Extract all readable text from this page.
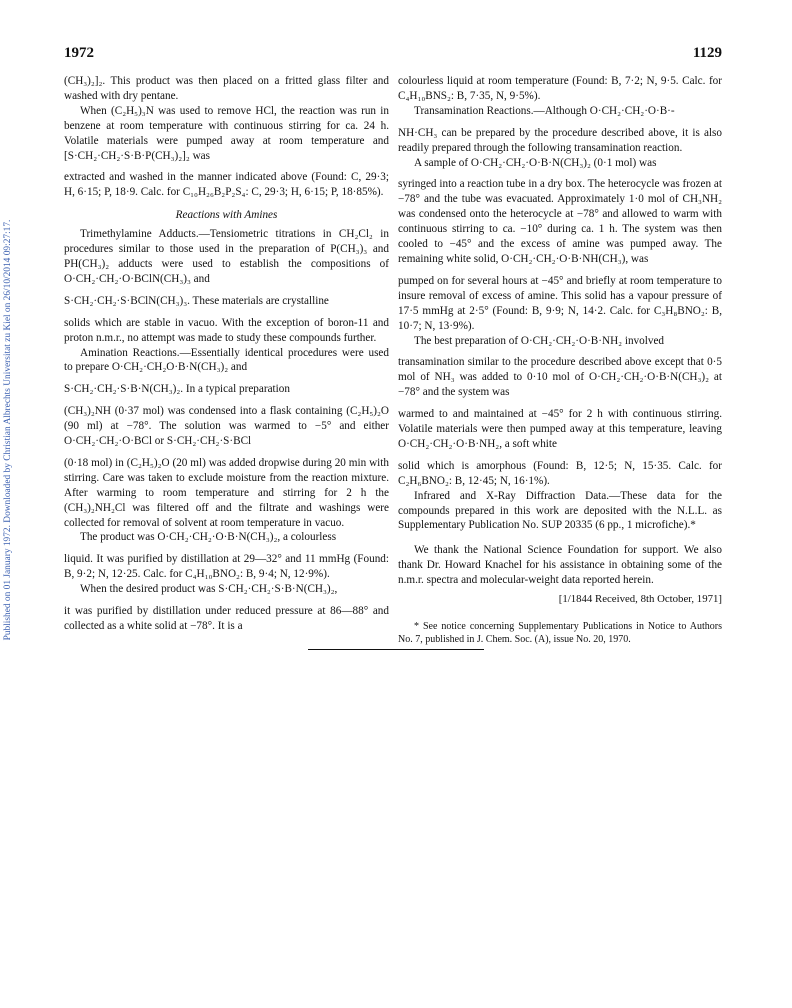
Published on 01 January 1972. Downloaded by Christian Albrechts Universitat zu Kiel on 26/10/2014 09:27:17.
1972	1129

(CH₃)₂]₂. This product was then placed on a fritted glass filter and washed with dry pentane.

When (C₂H₅)₃N was used to remove HCl, the reaction was run in benzene at room temperature with continuous stirring for ca. 24 h. Volatile materials were pumped away at room temperature and [S·CH₂·CH₂·S·B·P(CH₃)₂]₂ was

extracted and washed in the manner indicated above (Found: C, 29·3; H, 6·15; P, 18·9. Calc. for C₁₀H₂₆B₂P₂S₄: C, 29·3; H, 6·15; P, 18·85%).

Reactions with Amines

Trimethylamine Adducts.—Tensiometric titrations in CH₂Cl₂ in procedures similar to those used in the preparation of P(CH₃)₃ and PH(CH₃)₂ adducts were used to establish the compositions of O·CH₂·CH₂·O·BClN(CH₃)₃ and

S·CH₂·CH₂·S·BClN(CH₃)₃. These materials are crystalline

solids which are stable in vacuo. With the exception of boron-11 and proton n.m.r., no attempt was made to study these compounds further.

Amination Reactions.—Essentially identical procedures were used to prepare O·CH₂·CH₂O·B·N(CH₃)₂ and

S·CH₂·CH₂·S·B·N(CH₃)₂. In a typical preparation

(CH₃)₂NH (0·37 mol) was condensed into a flask containing (C₂H₅)₂O (90 ml) at −78°. The solution was warmed to −5° and either O·CH₂·CH₂·O·BCl or S·CH₂·CH₂·S·BCl

(0·18 mol) in (C₂H₅)₂O (20 ml) was added dropwise during 20 min with stirring. Care was taken to exclude moisture from the reaction mixture. After warming to room temperature and stirring for 2 h the (CH₃)₂NH₂Cl was filtered off and the filtrate and washings were collected for removal of solvent at room temperature in vacuo.

The product was O·CH₂·CH₂·O·B·N(CH₃)₂, a colourless

liquid. It was purified by distillation at 29—32° and 11 mmHg (Found: B, 9·2; N, 12·25. Calc. for C₄H₁₀BNO₂: B, 9·4; N, 12·9%).

When the desired product was S·CH₂·CH₂·S·B·N(CH₃)₂,

it was purified by distillation under reduced pressure at 86—88° and collected as a white solid at −78°. It is a

colourless liquid at room temperature (Found: B, 7·2; N, 9·5. Calc. for C₄H₁₀BNS₂: B, 7·35, N, 9·5%).

Transamination Reactions.—Although O·CH₂·CH₂·O·B·-

NH·CH₃ can be prepared by the procedure described above, it is also readily prepared through the following transamination reaction.

A sample of O·CH₂·CH₂·O·B·N(CH₃)₂ (0·1 mol) was

syringed into a reaction tube in a dry box. The heterocycle was frozen at −78° and the tube was evacuated. Approximately 1·0 mol of CH₃NH₂ was condensed onto the heterocycle at −78° and allowed to warm with continuous stirring to ca. −10° during ca. 1 h. The system was then cooled to −45° and the excess of amine was pumped away. The remaining white solid, O·CH₂·CH₂·O·B·NH(CH₃), was

pumped on for several hours at −45° and briefly at room temperature to insure removal of excess of amine. This solid has a vapour pressure of 17·5 mmHg at 2·5° (Found: B, 9·9; N, 14·2. Calc. for C₃H₈BNO₂: B, 10·7; N, 13·9%).

The best preparation of O·CH₂·CH₂·O·B·NH₂ involved

transamination similar to the procedure described above except that 0·5 mol of NH₃ was added to 0·10 mol of O·CH₂·CH₂·O·B·N(CH₃)₂ at −78° and the system was

warmed to and maintained at −45° for 2 h with continuous stirring. Volatile materials were then pumped away at this temperature, leaving O·CH₂·CH₂·O·B·NH₂, a soft white

solid which is amorphous (Found: B, 12·5; N, 15·35. Calc. for C₂H₆BNO₂: B, 12·45; N, 16·1%).

Infrared and X-Ray Diffraction Data.—These data for the compounds prepared in this work are deposited with the N.L.L. as Supplementary Publication No. SUP 20335 (6 pp., 1 microfiche).*

We thank the National Science Foundation for support. We also thank Dr. Howard Knachel for his assistance in obtaining some of the n.m.r. spectra and molecular-weight data reported herein.

[1/1844 Received, 8th October, 1971]

* See notice concerning Supplementary Publications in Notice to Authors No. 7, published in J. Chem. Soc. (A), issue No. 20, 1970.
